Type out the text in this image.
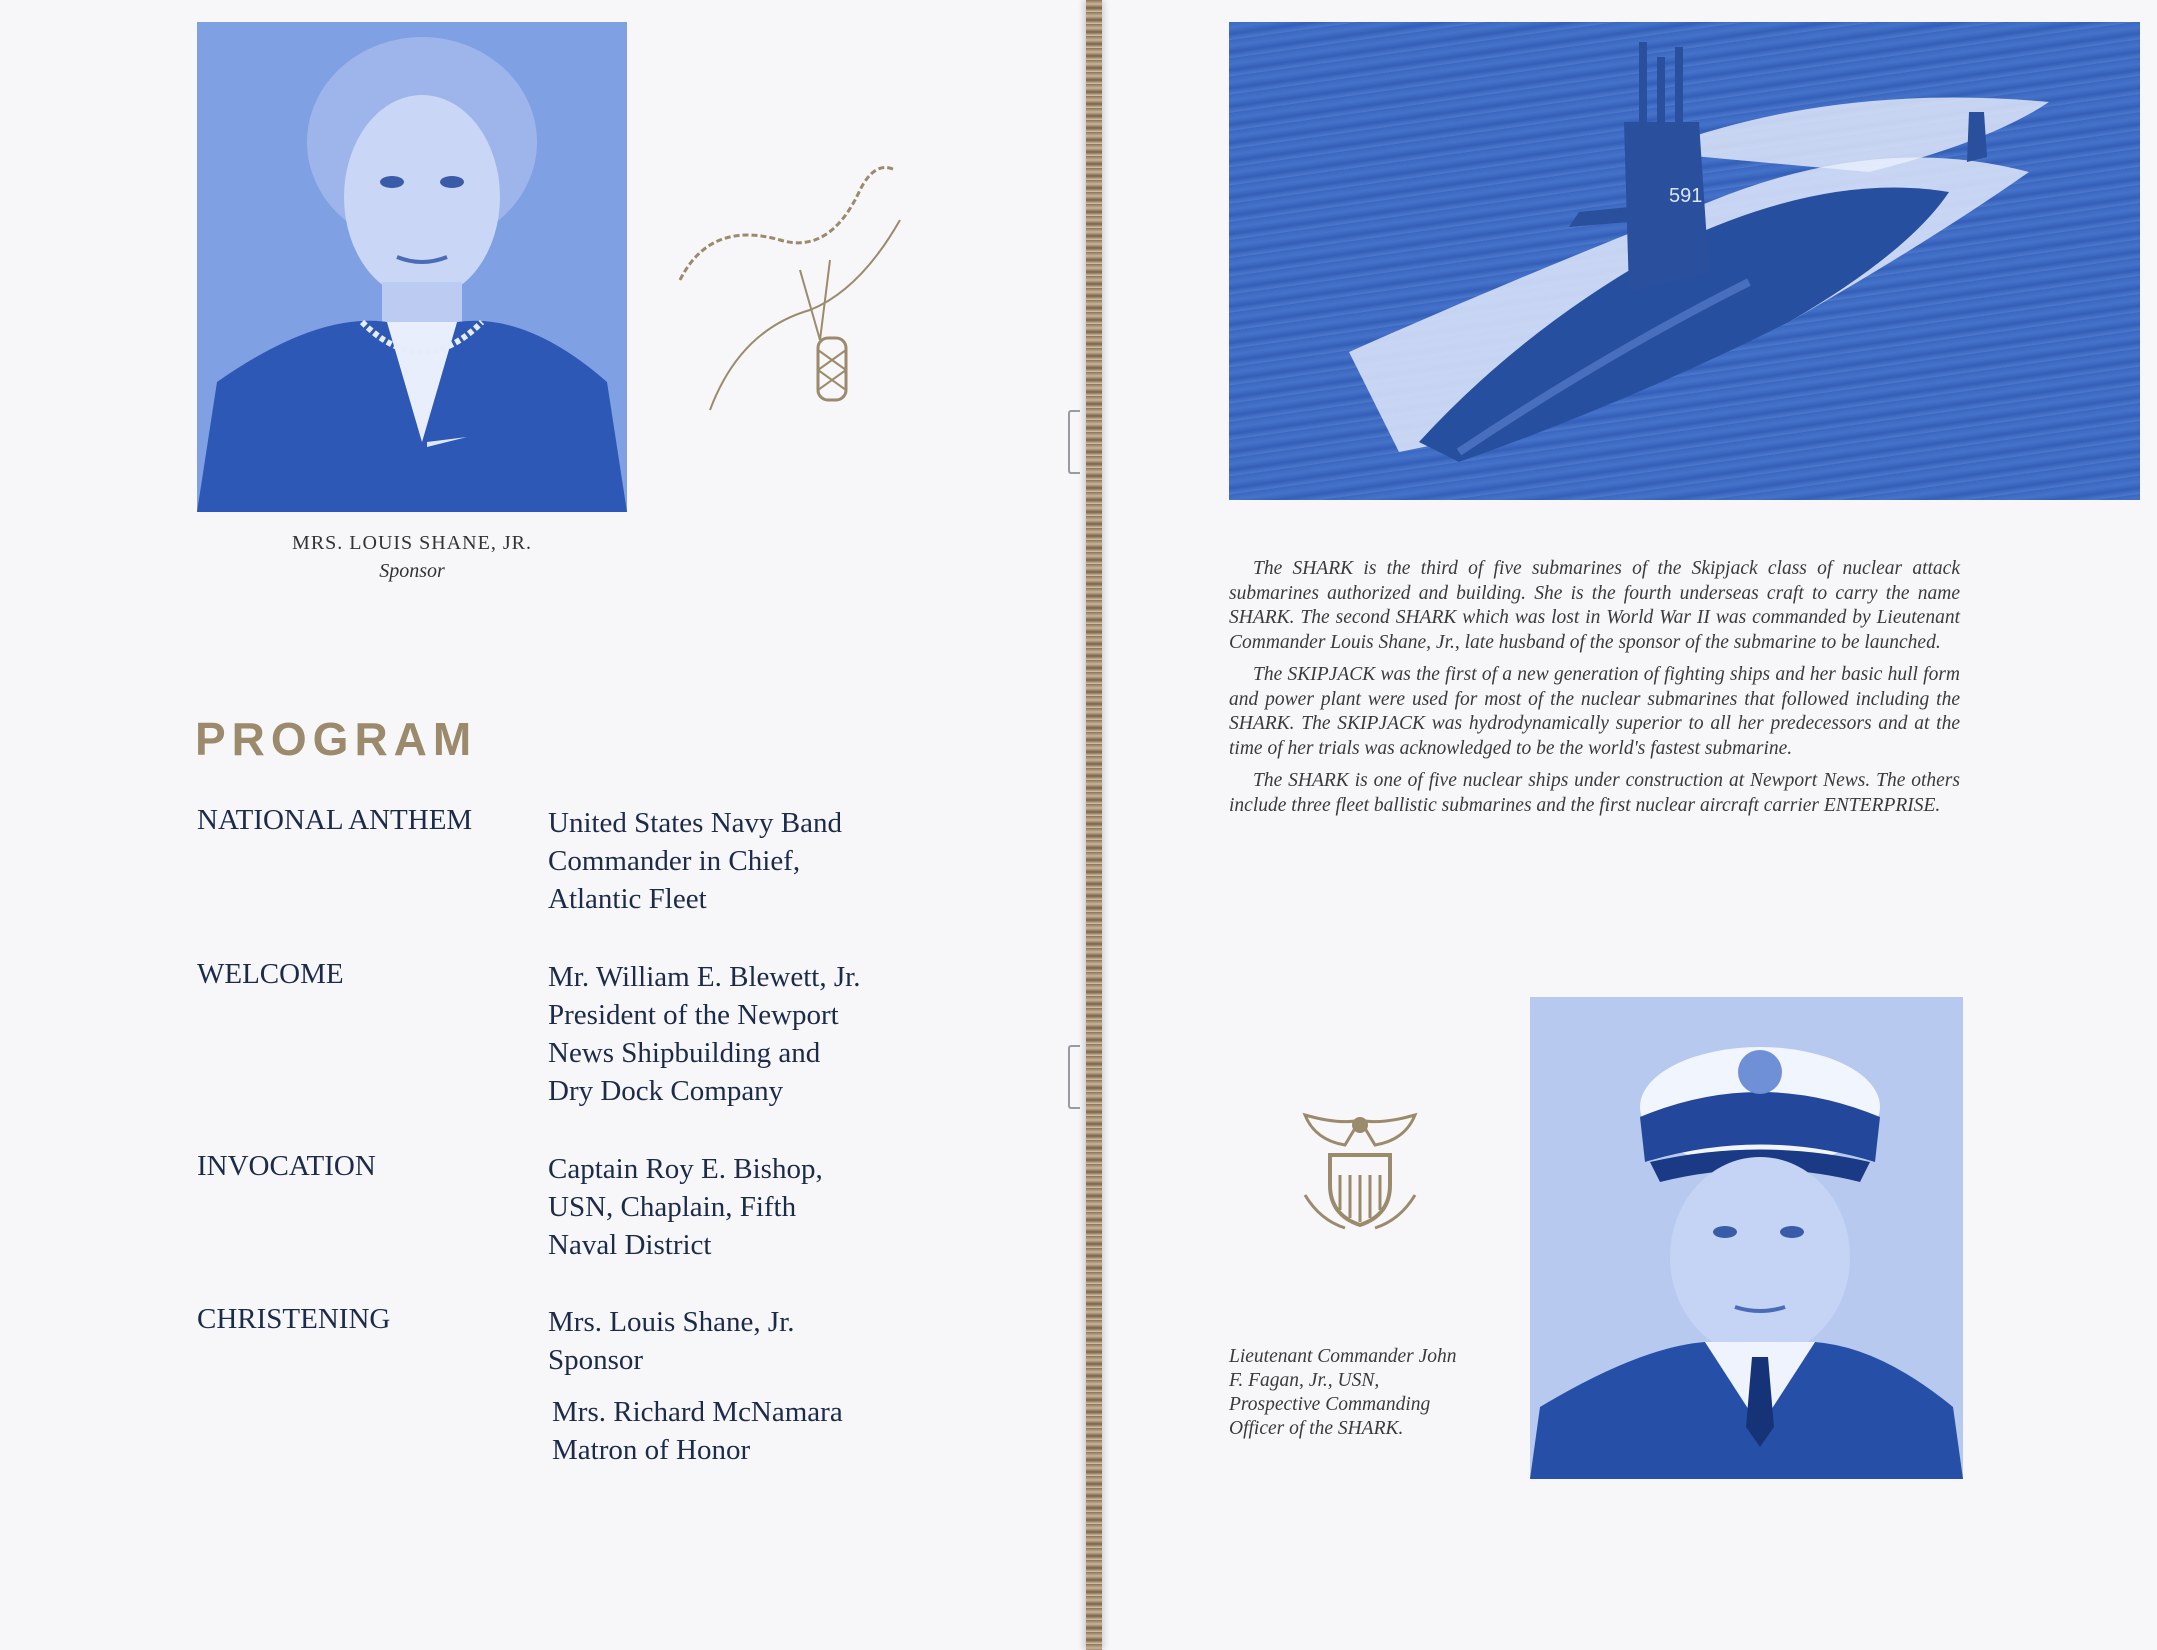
MRS. LOUIS SHANE, JR.
Sponsor
PROGRAM
NATIONAL ANTHEM	United States Navy Band
Commander in Chief,
Atlantic Fleet
WELCOME	Mr. William E. Blewett, Jr.
President of the Newport
News Shipbuilding and
Dry Dock Company
INVOCATION	Captain Roy E. Bishop,
USN, Chaplain, Fifth
Naval District
CHRISTENING	Mrs. Louis Shane, Jr.
Sponsor
Mrs. Richard McNamara
Matron of Honor
591

The SHARK is the third of five submarines of the Skipjack class of nuclear attack submarines authorized and building. She is the fourth underseas craft to carry the name SHARK. The second SHARK which was lost in World War II was commanded by Lieutenant Commander Louis Shane, Jr., late husband of the sponsor of the submarine to be launched.

The SKIPJACK was the first of a new generation of fighting ships and her basic hull form and power plant were used for most of the nuclear submarines that followed including the SHARK. The SKIPJACK was hydrodynamically superior to all her predecessors and at the time of her trials was acknowledged to be the world's fastest submarine.

The SHARK is one of five nuclear ships under construction at Newport News. The others include three fleet ballistic submarines and the first nuclear aircraft carrier ENTERPRISE.

Lieutenant Commander John F. Fagan, Jr., USN, Prospective Commanding Officer of the SHARK.
